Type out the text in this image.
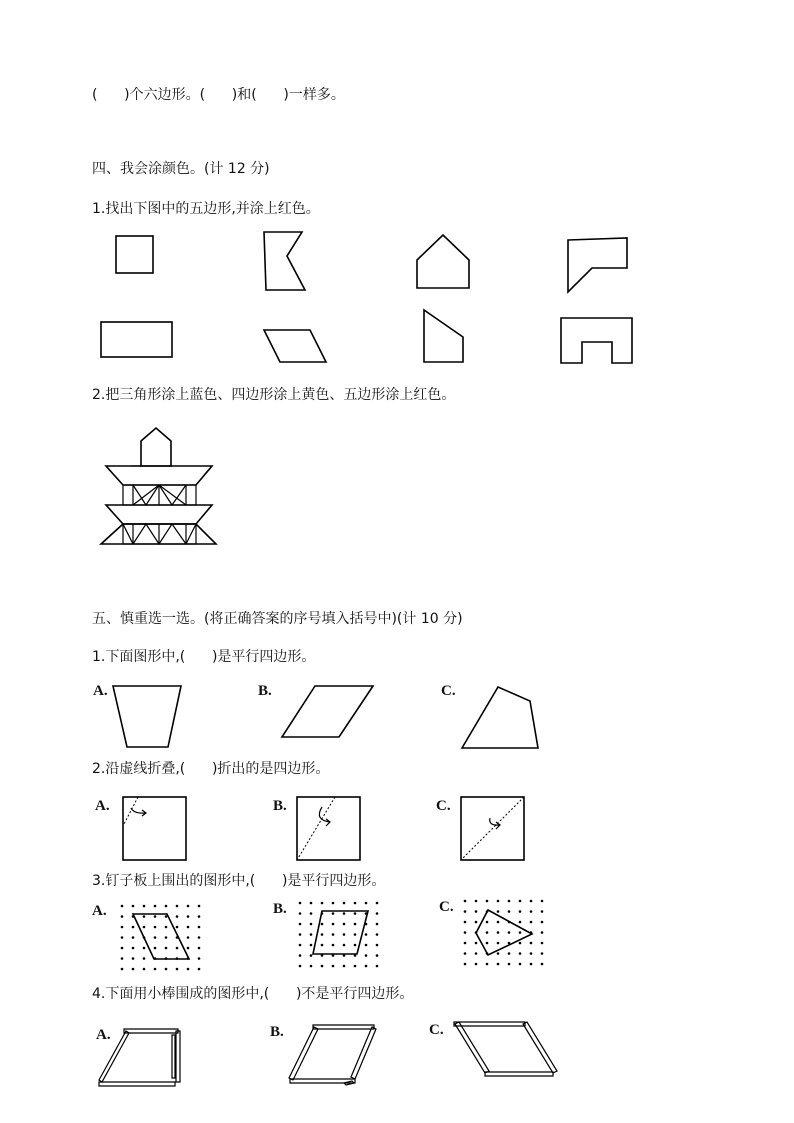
(      )个六边形。(      )和(      )一样多。
四、我会涂颜色。(计 12 分)
1.找出下图中的五边形,并涂上红色。
2.把三角形涂上蓝色、四边形涂上黄色、五边形涂上红色。
五、慎重选一选。(将正确答案的序号填入括号中)(计 10 分)
1.下面图形中,(      )是平行四边形。
A.	B.	C.
2.沿虚线折叠,(      )折出的是四边形。
A.	B.	C.
3.钉子板上围出的图形中,(      )是平行四边形。
A.	B.	C.
4.下面用小棒围成的图形中,(      )不是平行四边形。
A.	B.	C.
